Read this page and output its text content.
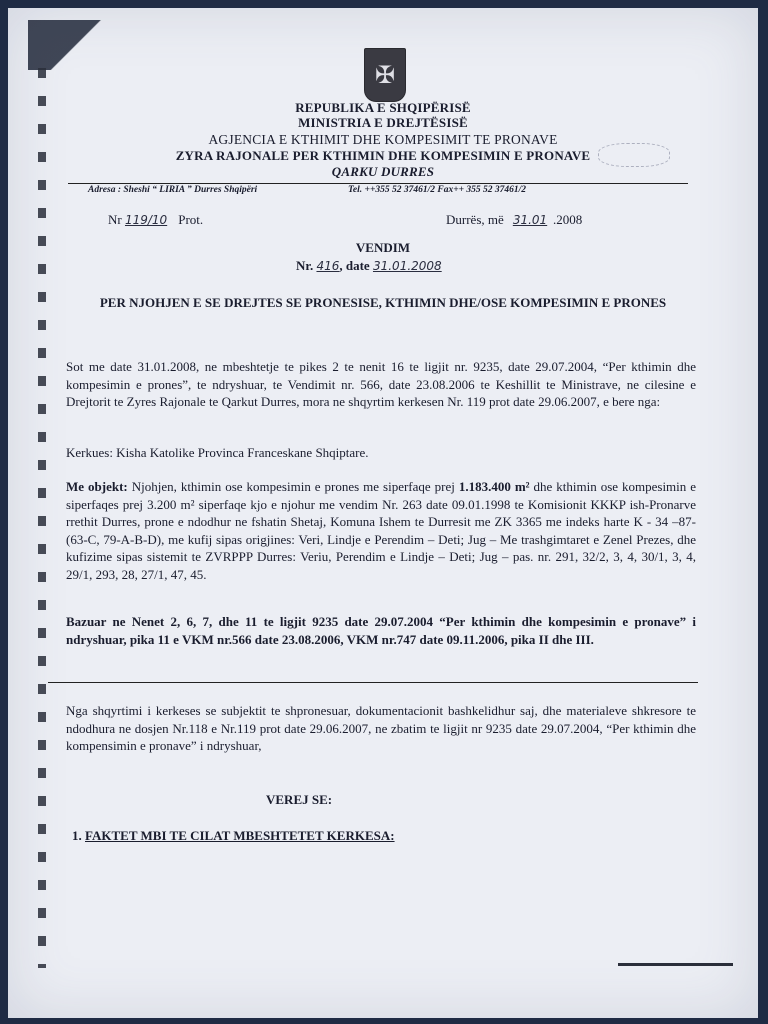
✠
REPUBLIKA E SHQIPËRISË
MINISTRIA E DREJTËSISË
AGJENCIA E KTHIMIT DHE KOMPESIMIT TE PRONAVE
ZYRA RAJONALE PER KTHIMIN DHE KOMPESIMIN E PRONAVE
QARKU DURRES
Adresa : Sheshi “ LIRIA ” Durres Shqipëri	Tel. ++355 52 37461/2 Fax++ 355 52 37461/2
Nr 119/10 Prot.	Durrës, më 31.01 .2008
VENDIM
Nr. 416, date 31.01.2008
PER NJOHJEN E SE DREJTES SE PRONESISE, KTHIMIN DHE/OSE KOMPESIMIN E PRONES
Sot me date 31.01.2008, ne mbeshtetje te pikes 2 te nenit 16 te ligjit nr. 9235, date 29.07.2004, “Per kthimin dhe kompesimin e prones”, te ndryshuar, te Vendimit nr. 566, date 23.08.2006 te Keshillit te Ministrave, ne cilesine e Drejtorit te Zyres Rajonale te Qarkut Durres, mora ne shqyrtim kerkesen Nr. 119 prot date 29.06.2007, e bere nga:
Kerkues: Kisha Katolike Provinca Franceskane Shqiptare.
Me objekt: Njohjen, kthimin ose kompesimin e prones me siperfaqe prej 1.183.400 m² dhe kthimin ose kompesimin e siperfaqes prej 3.200 m² siperfaqe kjo e njohur me vendim Nr. 263 date 09.01.1998 te Komisionit KKKP ish-Pronarve rrethit Durres, prone e ndodhur ne fshatin Shetaj, Komuna Ishem te Durresit me ZK 3365 me indeks harte K - 34 –87- (63-C, 79-A-B-D), me kufij sipas origjines: Veri, Lindje e Perendim – Deti; Jug – Me trashgimtaret e Zenel Prezes, dhe kufizime sipas sistemit te ZVRPPP Durres: Veriu, Perendim e Lindje – Deti; Jug – pas. nr. 291, 32/2, 3, 4, 30/1, 3, 4, 29/1, 293, 28, 27/1, 47, 45.
Bazuar ne Nenet 2, 6, 7, dhe 11 te ligjit 9235 date 29.07.2004 “Per kthimin dhe kompesimin e pronave” i ndryshuar, pika 11 e VKM nr.566 date 23.08.2006, VKM nr.747 date 09.11.2006, pika II dhe III.
Nga shqyrtimi i kerkeses se subjektit te shpronesuar, dokumentacionit bashkelidhur saj, dhe materialeve shkresore te ndodhura ne dosjen Nr.118 e Nr.119 prot date 29.06.2007, ne zbatim te ligjit nr 9235 date 29.07.2004, “Per kthimin dhe kompensimin e pronave” i ndryshuar,
VEREJ SE:
1. FAKTET MBI TE CILAT MBESHTETET KERKESA:
